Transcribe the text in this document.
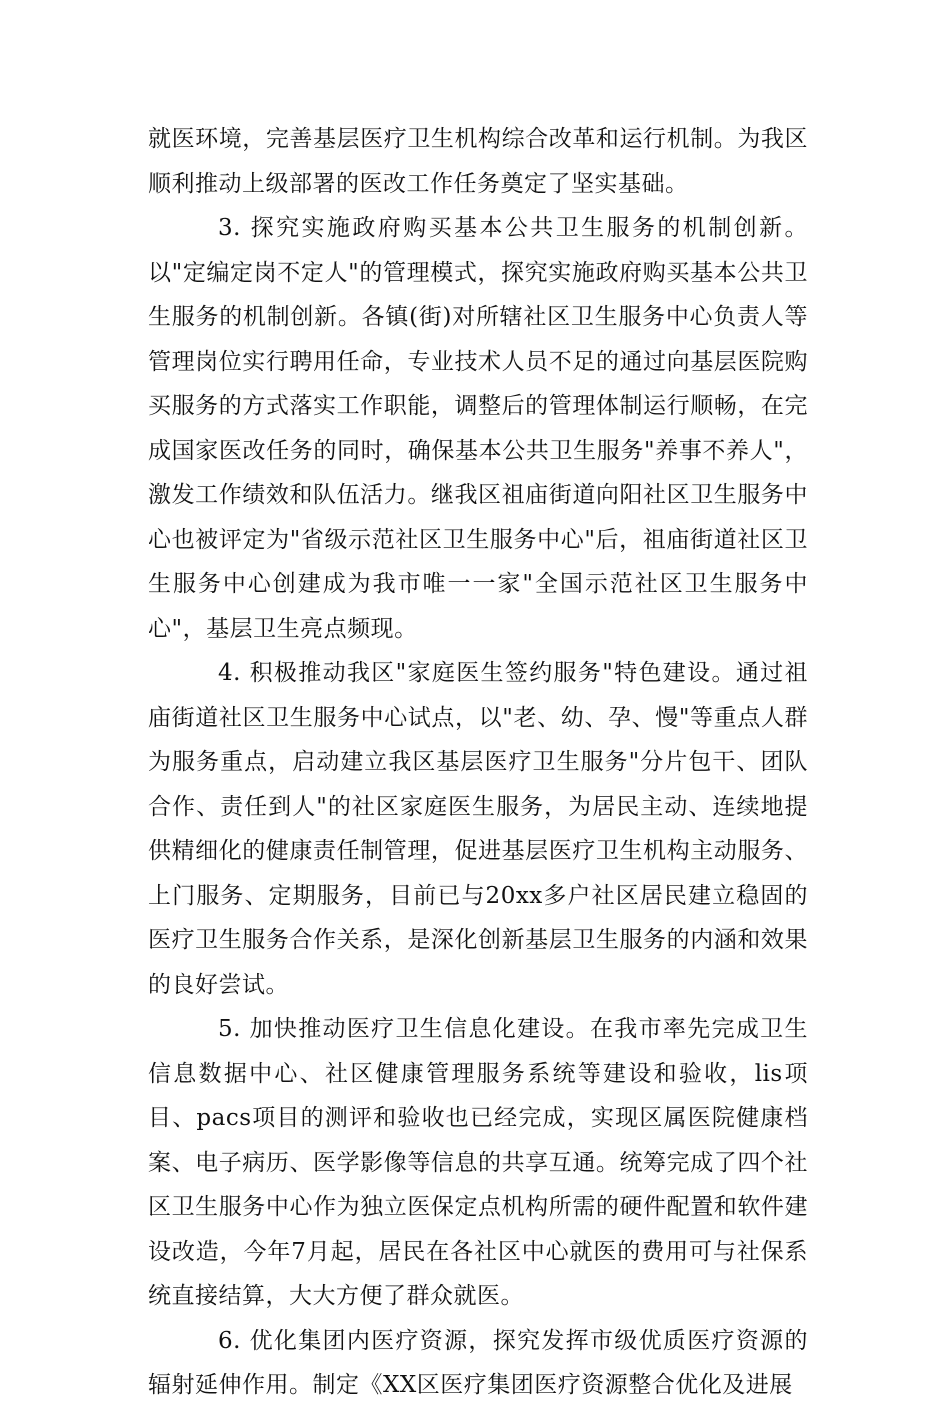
就医环境，完善基层医疗卫生机构综合改革和运行机制。为我区顺利推动上级部署的医改工作任务奠定了坚实基础。

3. 探究实施政府购买基本公共卫生服务的机制创新。以"定编定岗不定人"的管理模式，探究实施政府购买基本公共卫生服务的机制创新。各镇(街)对所辖社区卫生服务中心负责人等管理岗位实行聘用任命，专业技术人员不足的通过向基层医院购买服务的方式落实工作职能，调整后的管理体制运行顺畅，在完成国家医改任务的同时，确保基本公共卫生服务"养事不养人"，激发工作绩效和队伍活力。继我区祖庙街道向阳社区卫生服务中心也被评定为"省级示范社区卫生服务中心"后，祖庙街道社区卫生服务中心创建成为我市唯一一家"全国示范社区卫生服务中心"，基层卫生亮点频现。

4. 积极推动我区"家庭医生签约服务"特色建设。通过祖庙街道社区卫生服务中心试点，以"老、幼、孕、慢"等重点人群为服务重点，启动建立我区基层医疗卫生服务"分片包干、团队合作、责任到人"的社区家庭医生服务，为居民主动、连续地提供精细化的健康责任制管理，促进基层医疗卫生机构主动服务、上门服务、定期服务，目前已与20xx多户社区居民建立稳固的医疗卫生服务合作关系，是深化创新基层卫生服务的内涵和效果的良好尝试。

5. 加快推动医疗卫生信息化建设。在我市率先完成卫生信息数据中心、社区健康管理服务系统等建设和验收，lis项目、pacs项目的测评和验收也已经完成，实现区属医院健康档案、电子病历、医学影像等信息的共享互通。统筹完成了四个社区卫生服务中心作为独立医保定点机构所需的硬件配置和软件建设改造，今年7月起，居民在各社区中心就医的费用可与社保系统直接结算，大大方便了群众就医。

6. 优化集团内医疗资源，探究发挥市级优质医疗资源的辐射延伸作用。制定《XX区医疗集团医疗资源整合优化及进展
